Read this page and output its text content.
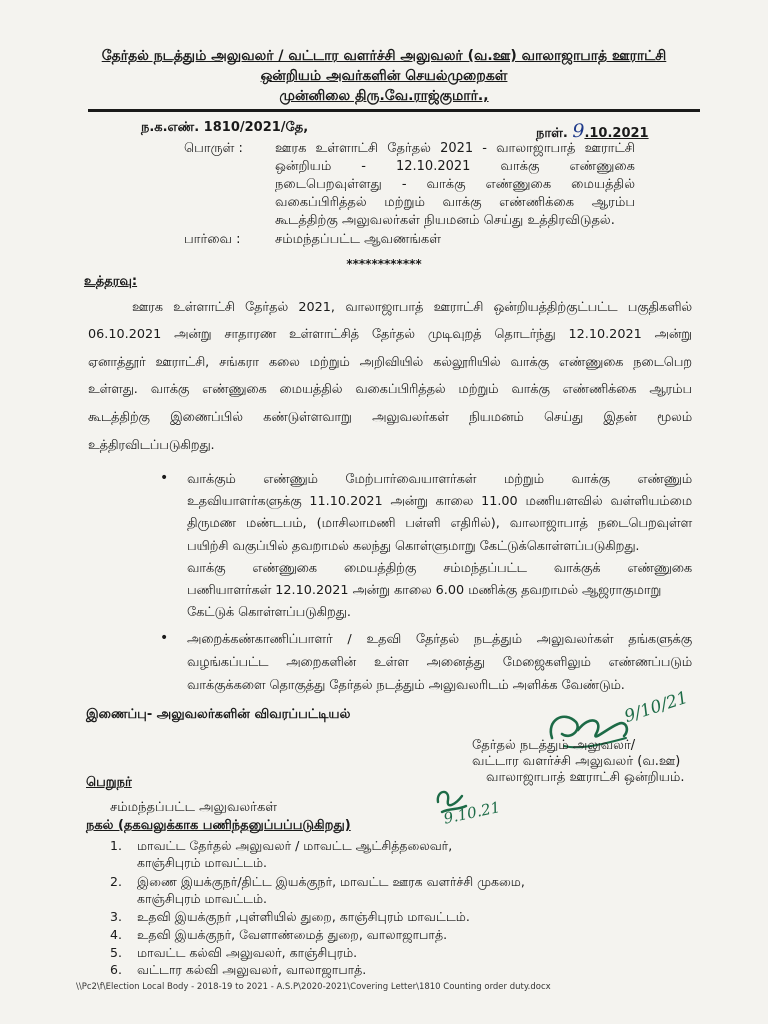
தேர்தல் நடத்தும் அலுவலர் / வட்டார வளர்ச்சி அலுவலர் (வ.ஊ) வாலாஜாபாத் ஊராட்சி
ஒன்றியம் அவர்களின் செயல்முறைகள்
முன்னிலை திரு.வே.ராஜ்குமார்.,
ந.க.எண். 1810/2021/தே,	நாள். 9.10.2021
பொருள் : ஊரக உள்ளாட்சி தேர்தல் 2021 - வாலாஜாபாத் ஊராட்சி
ஒன்றியம் - 12.10.2021 வாக்கு எண்ணுகை
நடைபெறவுள்ளது - வாக்கு எண்ணுகை மையத்தில்
வகைப்பிரித்தல் மற்றும் வாக்கு எண்ணிக்கை ஆரம்ப
கூடத்திற்கு அலுவலர்கள் நியமனம் செய்து உத்திரவிடுதல்.
பார்வை :	சம்மந்தப்பட்ட ஆவணங்கள்
************
உத்தரவு:
ஊரக உள்ளாட்சி தேர்தல் 2021, வாலாஜாபாத் ஊராட்சி ஒன்றியத்திற்குட்பட்ட பகுதிகளில்
06.10.2021 அன்று சாதாரண உள்ளாட்சித் தேர்தல் முடிவுறத் தொடர்ந்து 12.10.2021 அன்று
ஏனாத்தூர் ஊராட்சி, சங்கரா கலை மற்றும் அறிவியில் கல்லூரியில் வாக்கு எண்ணுகை நடைபெற
உள்ளது. வாக்கு எண்ணுகை மையத்தில் வகைப்பிரித்தல் மற்றும் வாக்கு எண்ணிக்கை ஆரம்ப
கூடத்திற்கு இணைப்பில் கண்டுள்ளவாறு அலுவலர்கள் நியமனம் செய்து இதன் மூலம்
உத்திரவிடப்படுகிறது.
• வாக்கும் எண்ணும் மேற்பார்வையாளர்கள் மற்றும் வாக்கு எண்ணும்
உதவியாளர்களுக்கு 11.10.2021 அன்று காலை 11.00 மணியளவில் வள்ளியம்மை
திருமண மண்டபம், (மாசிலாமணி பள்ளி எதிரில்), வாலாஜாபாத் நடைபெறவுள்ள
பயிற்சி வகுப்பில் தவறாமல் கலந்து கொள்ளுமாறு கேட்டுக்கொள்ளப்படுகிறது.
வாக்கு எண்ணுகை மையத்திற்கு சம்மந்தப்பட்ட வாக்குக் எண்ணுகை
பணியாளர்கள் 12.10.2021 அன்று காலை 6.00 மணிக்கு தவறாமல் ஆஜராகுமாறு
கேட்டுக் கொள்ளப்படுகிறது.
• அறைக்கண்காணிப்பாளர் / உதவி தேர்தல் நடத்தும் அலுவலர்கள் தங்களுக்கு
வழங்கப்பட்ட அறைகளின் உள்ள அனைத்து மேஜைகளிலும் எண்ணப்படும்
வாக்குக்களை தொகுத்து தேர்தல் நடத்தும் அலுவலரிடம் அளிக்க வேண்டும்.
இணைப்பு- அலுவலர்களின் விவரப்பட்டியல்	9/10/21
தேர்தல் நடத்தும் அலுவலர்/
வட்டார வளர்ச்சி அலுவலர் (வ.ஊ)
வாலாஜாபாத் ஊராட்சி ஒன்றியம்.
பெறுநர்
சம்மந்தப்பட்ட அலுவலர்கள்	9.10.21
நகல் (தகவலுக்காக பணிந்தனுப்பப்படுகிறது)
1.	மாவட்ட தேர்தல் அலுவலர் / மாவட்ட ஆட்சித்தலைவர்,
காஞ்சிபுரம் மாவட்டம்.
2.	இணை இயக்குநர்/திட்ட இயக்குநர், மாவட்ட ஊரக வளர்ச்சி முகமை,
காஞ்சிபுரம் மாவட்டம்.
3.	உதவி இயக்குநர் ,புள்ளியில் துறை, காஞ்சிபுரம் மாவட்டம்.
4.	உதவி இயக்குநர், வேளாண்மைத் துறை, வாலாஜாபாத்.
5.	மாவட்ட கல்வி அலுவலர், காஞ்சிபுரம்.
6.	வட்டார கல்வி அலுவலர், வாலாஜாபாத்.
\\Pc2\f\Election Local Body - 2018-19 to 2021 - A.S.P\2020-2021\Covering Letter\1810 Counting order duty.docx
